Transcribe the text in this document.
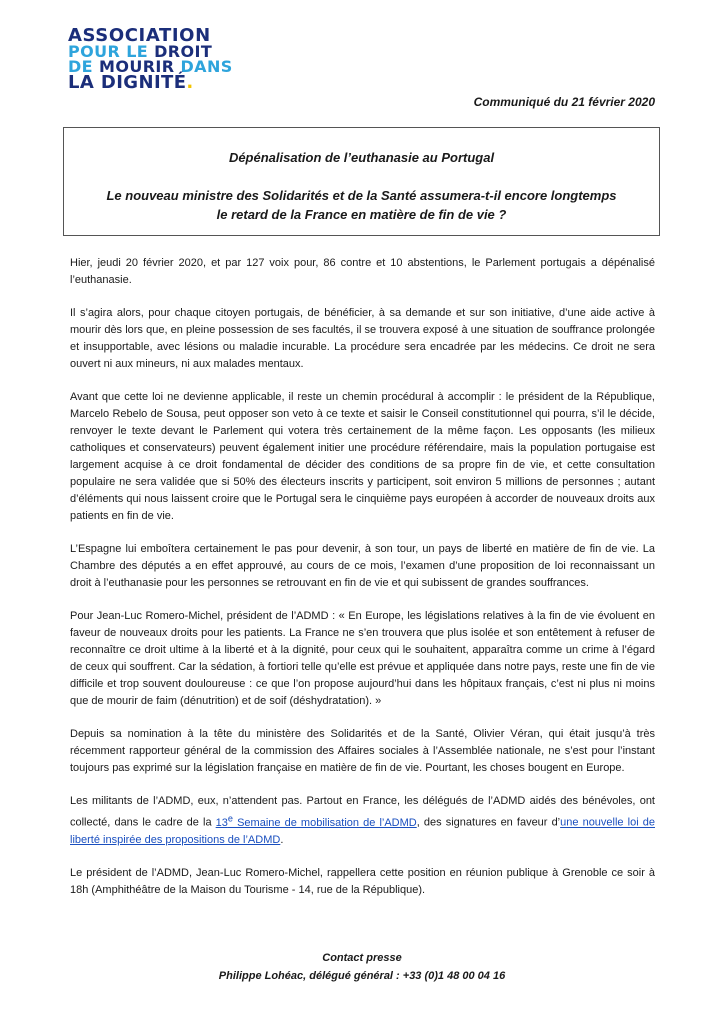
ASSOCIATION
POUR LE DROIT
DE MOURIR DANS
LA DIGNITÉ.
Communiqué du 21 février 2020
Dépénalisation de l’euthanasie au Portugal
Le nouveau ministre des Solidarités et de la Santé assumera-t-il encore longtemps le retard de la France en matière de fin de vie ?

Hier, jeudi 20 février 2020, et par 127 voix pour, 86 contre et 10 abstentions, le Parlement portugais a dépénalisé l’euthanasie.

Il s’agira alors, pour chaque citoyen portugais, de bénéficier, à sa demande et sur son initiative, d’une aide active à mourir dès lors que, en pleine possession de ses facultés, il se trouvera exposé à une situation de souffrance prolongée et insupportable, avec lésions ou maladie incurable. La procédure sera encadrée par les médecins. Ce droit ne sera ouvert ni aux mineurs, ni aux malades mentaux.

Avant que cette loi ne devienne applicable, il reste un chemin procédural à accomplir : le président de la République, Marcelo Rebelo de Sousa, peut opposer son veto à ce texte et saisir le Conseil constitutionnel qui pourra, s’il le décide, renvoyer le texte devant le Parlement qui votera très certainement de la même façon. Les opposants (les milieux catholiques et conservateurs) peuvent également initier une procédure référendaire, mais la population portugaise est largement acquise à ce droit fondamental de décider des conditions de sa propre fin de vie, et cette consultation populaire ne sera validée que si 50% des électeurs inscrits y participent, soit environ 5 millions de personnes ; autant d’éléments qui nous laissent croire que le Portugal sera le cinquième pays européen à accorder de nouveaux droits aux patients en fin de vie.

L’Espagne lui emboîtera certainement le pas pour devenir, à son tour, un pays de liberté en matière de fin de vie. La Chambre des députés a en effet approuvé, au cours de ce mois, l’examen d’une proposition de loi reconnaissant un droit à l’euthanasie pour les personnes se retrouvant en fin de vie et qui subissent de grandes souffrances.

Pour Jean-Luc Romero-Michel, président de l’ADMD : « En Europe, les législations relatives à la fin de vie évoluent en faveur de nouveaux droits pour les patients. La France ne s’en trouvera que plus isolée et son entêtement à refuser de reconnaître ce droit ultime à la liberté et à la dignité, pour ceux qui le souhaitent, apparaîtra comme un crime à l’égard de ceux qui souffrent. Car la sédation, à fortiori telle qu’elle est prévue et appliquée dans notre pays, reste une fin de vie difficile et trop souvent douloureuse : ce que l’on propose aujourd’hui dans les hôpitaux français, c’est ni plus ni moins que de mourir de faim (dénutrition) et de soif (déshydratation). »

Depuis sa nomination à la tête du ministère des Solidarités et de la Santé, Olivier Véran, qui était jusqu’à très récemment rapporteur général de la commission des Affaires sociales à l’Assemblée nationale, ne s’est pour l’instant toujours pas exprimé sur la législation française en matière de fin de vie. Pourtant, les choses bougent en Europe.

Les militants de l’ADMD, eux, n’attendent pas. Partout en France, les délégués de l’ADMD aidés des bénévoles, ont collecté, dans le cadre de la 13e Semaine de mobilisation de l’ADMD, des signatures en faveur d’une nouvelle loi de liberté inspirée des propositions de l’ADMD.

Le président de l’ADMD, Jean-Luc Romero-Michel, rappellera cette position en réunion publique à Grenoble ce soir à 18h (Amphithéâtre de la Maison du Tourisme - 14, rue de la République).

Contact presse
Philippe Lohéac, délégué général : +33 (0)1 48 00 04 16
